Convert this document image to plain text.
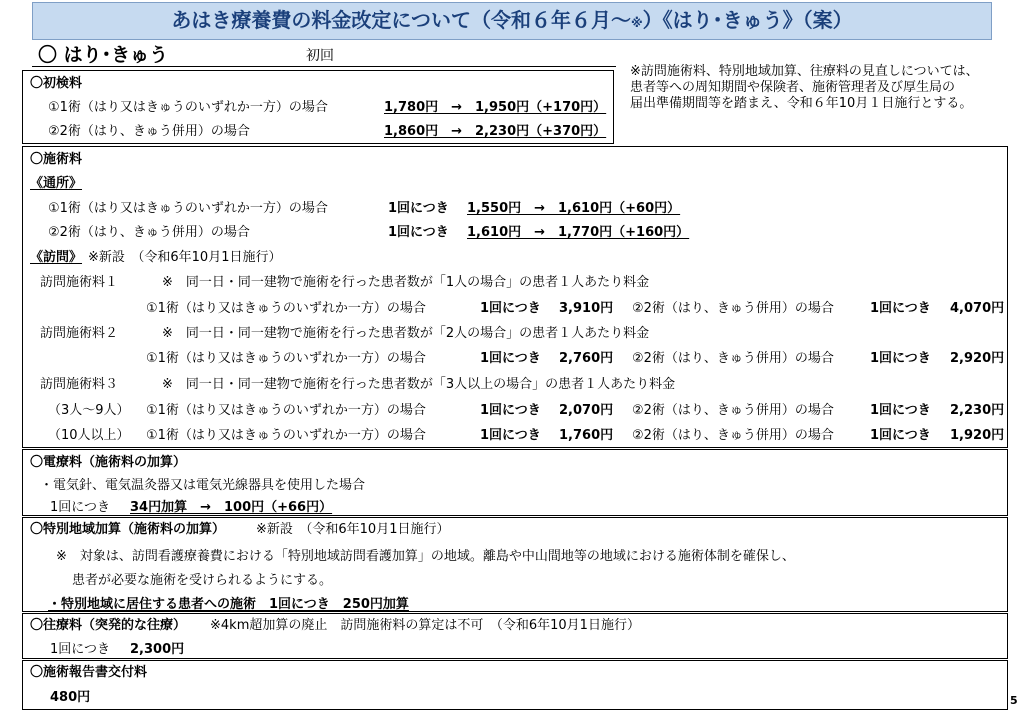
あはき療養費の料金改定について（令和６年６月～※）《はり･きゅう》（案）
〇 はり･きゅう	初回
※訪問施術料、特別地域加算、往療料の見直しについては、
患者等への周知期間や保険者、施術管理者及び厚生局の
届出準備期間等を踏まえ、令和６年10月１日施行とする。
〇初検料
①1術（はり又はきゅうのいずれか一方）の場合	1,780円　→　1,950円（+170円）
②2術（はり、きゅう併用）の場合	1,860円　→　2,230円（+370円）
〇施術料
《通所》
①1術（はり又はきゅうのいずれか一方）の場合	1回につき 1,550円　→　1,610円（+60円）
②2術（はり、きゅう併用）の場合	1回につき 1,610円　→　1,770円（+160円）
《訪問》 ※新設　（令和6年10月1日施行）
訪問施術料１	※　同一日・同一建物で施術を行った患者数が「1人の場合」の患者１人あたり料金
①1術（はり又はきゅうのいずれか一方）の場合	1回につき 3,910円 ②2術（はり、きゅう併用）の場合	1回につき 4,070円
訪問施術料２	※　同一日・同一建物で施術を行った患者数が「2人の場合」の患者１人あたり料金
①1術（はり又はきゅうのいずれか一方）の場合	1回につき 2,760円 ②2術（はり、きゅう併用）の場合	1回につき 2,920円
訪問施術料３	※　同一日・同一建物で施術を行った患者数が「3人以上の場合」の患者１人あたり料金
（3人～9人） ①1術（はり又はきゅうのいずれか一方）の場合	1回につき 2,070円 ②2術（はり、きゅう併用）の場合	1回につき 2,230円
（10人以上） ①1術（はり又はきゅうのいずれか一方）の場合	1回につき 1,760円 ②2術（はり、きゅう併用）の場合	1回につき 1,920円
〇電療料（施術料の加算）
・電気針、電気温灸器又は電気光線器具を使用した場合
1回につき 34円加算　→　100円（+66円）
〇特別地域加算（施術料の加算） ※新設　（令和6年10月1日施行）
※　対象は、訪問看護療養費における「特別地域訪問看護加算」の地域。離島や中山間地等の地域における施術体制を確保し、
患者が必要な施術を受けられるようにする。
・特別地域に居住する患者への施術　1回につき　250円加算
〇往療料（突発的な往療） ※4km超加算の廃止　訪問施術料の算定は不可　（令和6年10月1日施行）
1回につき 2,300円
〇施術報告書交付料
480円	5
